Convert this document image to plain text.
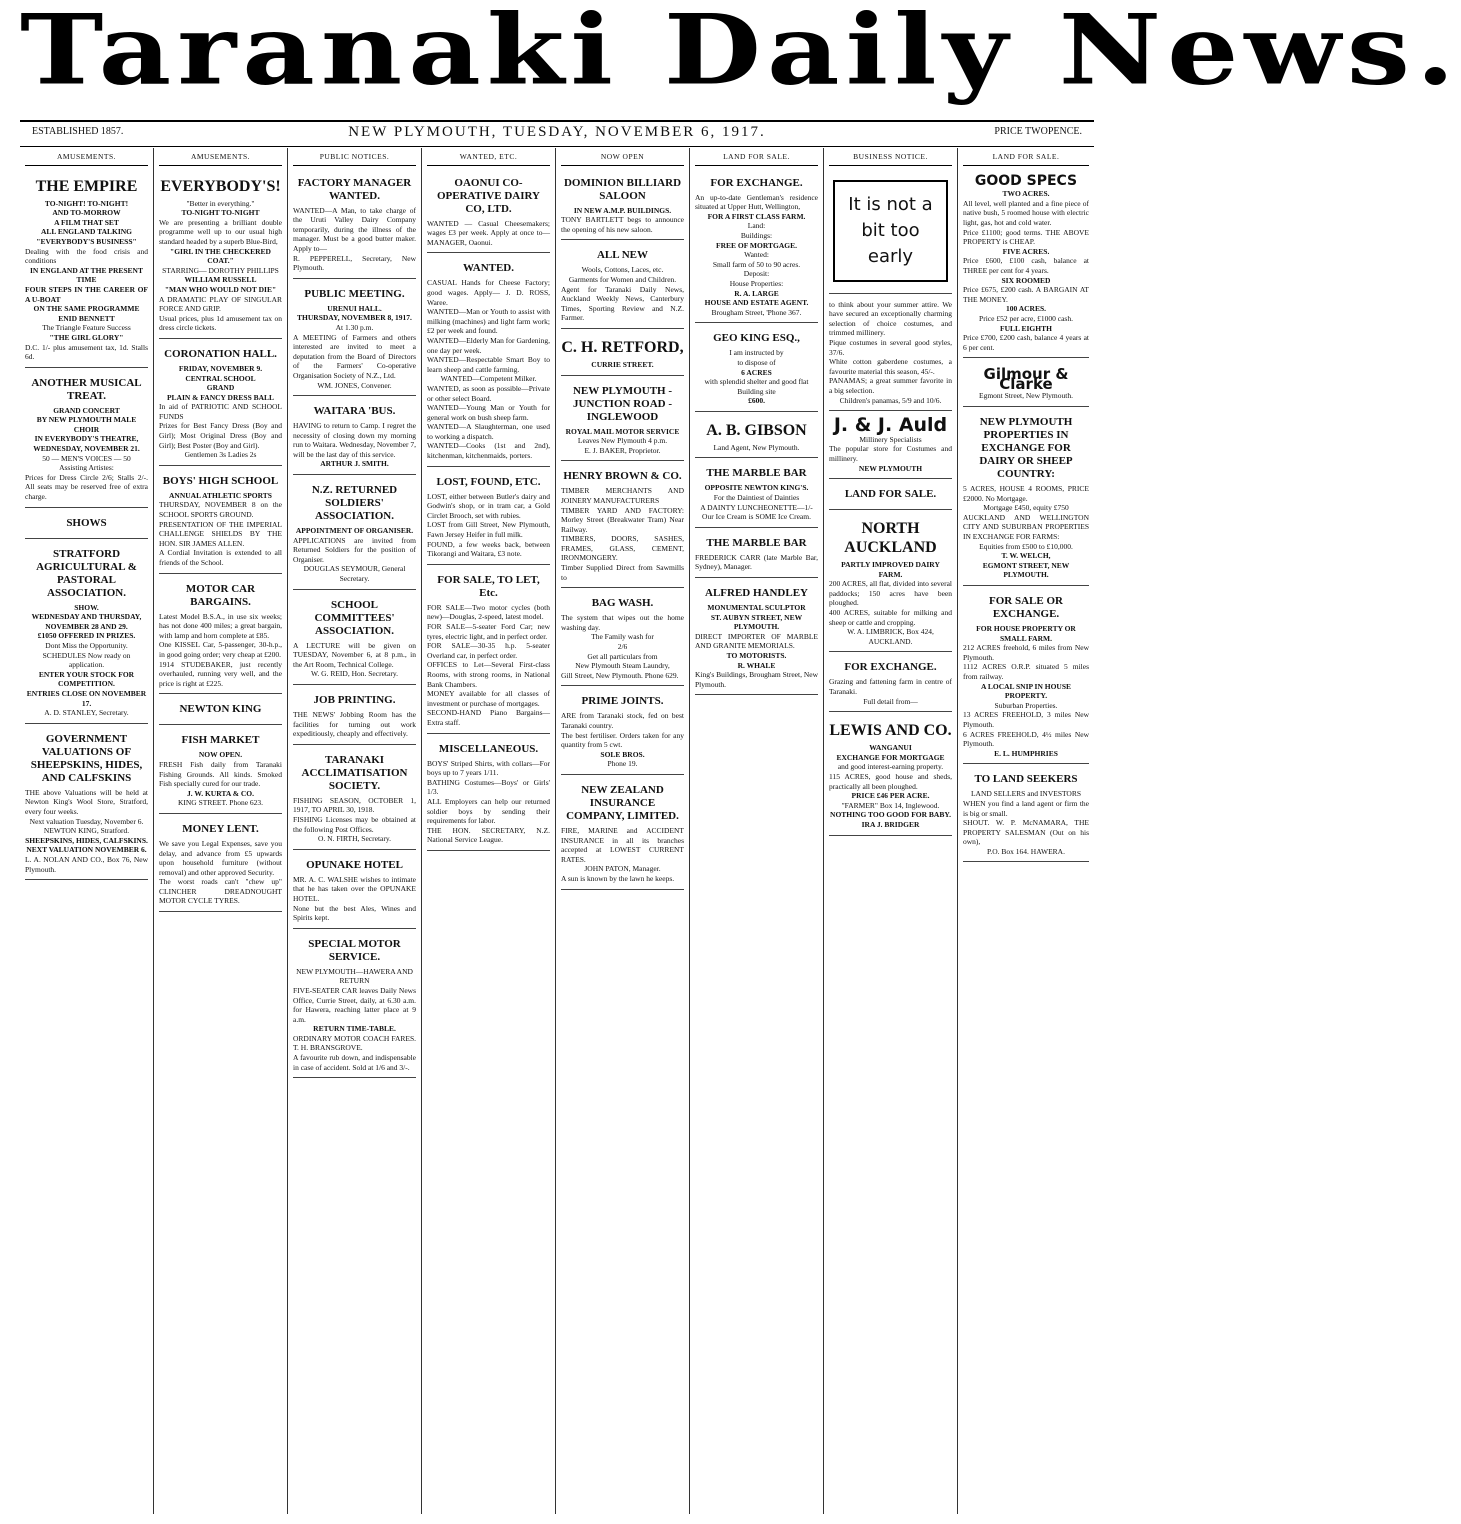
Taranaki Daily News.
ESTABLISHED 1857.	NEW PLYMOUTH, TUESDAY, NOVEMBER 6, 1917.	PRICE TWOPENCE.
AMUSEMENTS.
THE EMPIRE

TO-NIGHT! TO-NIGHT!

AND TO-MORROW

A FILM THAT SET

ALL ENGLAND TALKING

"EVERYBODY'S BUSINESS"

Dealing with the food crisis and conditions

IN ENGLAND AT THE PRESENT TIME

FOUR STEPS IN THE CAREER OF A U-BOAT

ON THE SAME PROGRAMME

ENID BENNETT

The Triangle Feature Success

"THE GIRL GLORY"

D.C. 1/- plus amusement tax, 1d. Stalls 6d.

ANOTHER MUSICAL TREAT.

GRAND CONCERT

BY NEW PLYMOUTH MALE CHOIR

IN EVERYBODY'S THEATRE,

WEDNESDAY, NOVEMBER 21.

50 — MEN'S VOICES — 50

Assisting Artistes:

Prices for Dress Circle 2/6; Stalls 2/-. All seats may be reserved free of extra charge.

SHOWS
STRATFORD AGRICULTURAL & PASTORAL ASSOCIATION.

SHOW.

WEDNESDAY AND THURSDAY,

NOVEMBER 28 AND 29.

£1050 OFFERED IN PRIZES.

Dont Miss the Opportunity.

SCHEDULES Now ready on application.

ENTER YOUR STOCK FOR COMPETITION.

ENTRIES CLOSE ON NOVEMBER 17.

A. D. STANLEY, Secretary.

GOVERNMENT VALUATIONS OF SHEEPSKINS, HIDES, AND CALFSKINS

THE above Valuations will be held at Newton King's Wool Store, Stratford, every four weeks.

Next valuation Tuesday, November 6.

NEWTON KING, Stratford.

SHEEPSKINS, HIDES, CALFSKINS.

NEXT VALUATION NOVEMBER 6.

L. A. NOLAN AND CO., Box 76, New Plymouth.

AMUSEMENTS.
EVERYBODY'S!

"Better in everything."

TO-NIGHT TO-NIGHT

We are presenting a brilliant double programme well up to our usual high standard headed by a superb Blue-Bird,

"GIRL IN THE CHECKERED COAT."

STARRING— DOROTHY PHILLIPS

WILLIAM RUSSELL

"MAN WHO WOULD NOT DIE"

A DRAMATIC PLAY OF SINGULAR FORCE AND GRIP.

Usual prices, plus 1d amusement tax on dress circle tickets.

CORONATION HALL.

FRIDAY, NOVEMBER 9.

CENTRAL SCHOOL

GRAND

PLAIN & FANCY DRESS BALL

In aid of PATRIOTIC AND SCHOOL FUNDS

Prizes for Best Fancy Dress (Boy and Girl); Most Original Dress (Boy and Girl); Best Poster (Boy and Girl).

Gentlemen 3s Ladies 2s

BOYS' HIGH SCHOOL

ANNUAL ATHLETIC SPORTS

THURSDAY, NOVEMBER 8 on the SCHOOL SPORTS GROUND.

PRESENTATION OF THE IMPERIAL CHALLENGE SHIELDS BY THE HON. SIR JAMES ALLEN.

A Cordial Invitation is extended to all friends of the School.

MOTOR CAR BARGAINS.

Latest Model B.S.A., in use six weeks; has not done 400 miles; a great bargain, with lamp and horn complete at £85.

One KISSEL Car, 5-passenger, 30-h.p., in good going order; very cheap at £200.

1914 STUDEBAKER, just recently overhauled, running very well, and the price is right at £225.

NEWTON KING
FISH MARKET

NOW OPEN.

FRESH Fish daily from Taranaki Fishing Grounds. All kinds. Smoked Fish specially cured for our trade.

J. W. KURTA & CO.

KING STREET. Phone 623.

MONEY LENT.

We save you Legal Expenses, save you delay, and advance from £5 upwards upon household furniture (without removal) and other approved Security.

The worst roads can't "chew up" CLINCHER DREADNOUGHT MOTOR CYCLE TYRES.

PUBLIC NOTICES.
FACTORY MANAGER WANTED.

WANTED—A Man, to take charge of the Uruti Valley Dairy Company temporarily, during the illness of the manager. Must be a good butter maker. Apply to—

R. PEPPERELL, Secretary, New Plymouth.

PUBLIC MEETING.

URENUI HALL.

THURSDAY, NOVEMBER 8, 1917.

At 1.30 p.m.

A MEETING of Farmers and others interested are invited to meet a deputation from the Board of Directors of the Farmers' Co-operative Organisation Society of N.Z., Ltd.

WM. JONES, Convener.

WAITARA 'BUS.

HAVING to return to Camp. I regret the necessity of closing down my morning run to Waitara. Wednesday, November 7, will be the last day of this service.

ARTHUR J. SMITH.

N.Z. RETURNED SOLDIERS' ASSOCIATION.

APPOINTMENT OF ORGANISER.

APPLICATIONS are invited from Returned Soldiers for the position of Organiser.

DOUGLAS SEYMOUR, General Secretary.

SCHOOL COMMITTEES' ASSOCIATION.

A LECTURE will be given on TUESDAY, November 6, at 8 p.m., in the Art Room, Technical College.

W. G. REID, Hon. Secretary.

JOB PRINTING.

THE NEWS' Jobbing Room has the facilities for turning out work expeditiously, cheaply and effectively.

TARANAKI ACCLIMATISATION SOCIETY.

FISHING SEASON, OCTOBER 1, 1917, TO APRIL 30, 1918.

FISHING Licenses may be obtained at the following Post Offices.

O. N. FIRTH, Secretary.

OPUNAKE HOTEL

MR. A. C. WALSHE wishes to intimate that he has taken over the OPUNAKE HOTEL.

None but the best Ales, Wines and Spirits kept.

SPECIAL MOTOR SERVICE.

NEW PLYMOUTH—HAWERA AND RETURN

FIVE-SEATER CAR leaves Daily News Office, Currie Street, daily, at 6.30 a.m. for Hawera, reaching latter place at 9 a.m.

RETURN TIME-TABLE.

ORDINARY MOTOR COACH FARES. T. H. BRANSGROVE.

A favourite rub down, and indispensable in case of accident. Sold at 1/6 and 3/-.

WANTED, ETC.
OAONUI CO-OPERATIVE DAIRY CO, LTD.

WANTED — Casual Cheesemakers; wages £3 per week. Apply at once to— MANAGER, Oaonui.

WANTED.

CASUAL Hands for Cheese Factory; good wages. Apply— J. D. ROSS, Waree.

WANTED—Man or Youth to assist with milking (machines) and light farm work; £2 per week and found.

WANTED—Elderly Man for Gardening, one day per week.

WANTED—Respectable Smart Boy to learn sheep and cattle farming.

WANTED—Competent Milker.

WANTED, as soon as possible—Private or other select Board.

WANTED—Young Man or Youth for general work on bush sheep farm.

WANTED—A Slaughterman, one used to working a dispatch.

WANTED—Cooks (1st and 2nd), kitchenman, kitchenmaids, porters.

LOST, FOUND, ETC.

LOST, either between Butler's dairy and Godwin's shop, or in tram car, a Gold Circlet Brooch, set with rubies.

LOST from Gill Street, New Plymouth, Fawn Jersey Heifer in full milk.

FOUND, a few weeks back, between Tikorangi and Waitara, £3 note.

FOR SALE, TO LET, Etc.

FOR SALE—Two motor cycles (both new)—Douglas, 2-speed, latest model.

FOR SALE—5-seater Ford Car; new tyres, electric light, and in perfect order.

FOR SALE—30-35 h.p. 5-seater Overland car, in perfect order.

OFFICES to Let—Several First-class Rooms, with strong rooms, in National Bank Chambers.

MONEY available for all classes of investment or purchase of mortgages.

SECOND-HAND Piano Bargains—Extra staff.

MISCELLANEOUS.

BOYS' Striped Shirts, with collars—For boys up to 7 years 1/11.

BATHING Costumes—Boys' or Girls' 1/3.

ALL Employers can help our returned soldier boys by sending their requirements for labor.

THE HON. SECRETARY, N.Z. National Service League.

NOW OPEN
DOMINION BILLIARD SALOON

IN NEW A.M.P. BUILDINGS.

TONY BARTLETT begs to announce the opening of his new saloon.

ALL NEW

Wools, Cottons, Laces, etc.

Garments for Women and Children.

Agent for Taranaki Daily News, Auckland Weekly News, Canterbury Times, Sporting Review and N.Z. Farmer.

C. H. RETFORD,

CURRIE STREET.

NEW PLYMOUTH - JUNCTION ROAD - INGLEWOOD

ROYAL MAIL MOTOR SERVICE

Leaves New Plymouth 4 p.m.

E. J. BAKER, Proprietor.

HENRY BROWN & CO.

TIMBER MERCHANTS AND JOINERY MANUFACTURERS

TIMBER YARD AND FACTORY: Morley Street (Breakwater Tram) Near Railway.

TIMBERS, DOORS, SASHES, FRAMES, GLASS, CEMENT, IRONMONGERY.

Timber Supplied Direct from Sawmills to

BAG WASH.

The system that wipes out the home washing day.

The Family wash for

2/6

Get all particulars from

New Plymouth Steam Laundry,

Gill Street, New Plymouth. Phone 629.

PRIME JOINTS.

ARE from Taranaki stock, fed on best Taranaki country.

The best fertiliser. Orders taken for any quantity from 5 cwt.

SOLE BROS.

Phone 19.

NEW ZEALAND INSURANCE COMPANY, LIMITED.

FIRE, MARINE and ACCIDENT INSURANCE in all its branches accepted at LOWEST CURRENT RATES.

JOHN PATON, Manager.

A sun is known by the lawn he keeps.

LAND FOR SALE.
FOR EXCHANGE.

An up-to-date Gentleman's residence situated at Upper Hutt, Wellington,

FOR A FIRST CLASS FARM.

Land:

Buildings:

FREE OF MORTGAGE.

Wanted:

Small farm of 50 to 90 acres.

Deposit:

House Properties:

R. A. LARGE

HOUSE AND ESTATE AGENT.

Brougham Street, 'Phone 367.

GEO KING ESQ.,

I am instructed by

to dispose of

6 ACRES

with splendid shelter and good flat

Building site

£600.

A. B. GIBSON

Land Agent, New Plymouth.

THE MARBLE BAR

OPPOSITE NEWTON KING'S.

For the Daintiest of Dainties

A DAINTY LUNCHEONETTE—1/-

Our Ice Cream is SOME Ice Cream.

THE MARBLE BAR

FREDERICK CARR (late Marble Bar, Sydney), Manager.

ALFRED HANDLEY

MONUMENTAL SCULPTOR

ST. AUBYN STREET, NEW PLYMOUTH.

DIRECT IMPORTER OF MARBLE AND GRANITE MEMORIALS.

TO MOTORISTS.

R. WHALE

King's Buildings, Brougham Street, New Plymouth.

BUSINESS NOTICE.
It is not a
bit too early

to think about your summer attire. We have secured an exceptionally charming selection of choice costumes, and trimmed millinery.

Pique costumes in several good styles, 37/6.

White cotton gaberdene costumes, a favourite material this season, 45/-.

PANAMAS; a great summer favorite in a big selection.

Children's panamas, 5/9 and 10/6.

J. & J. Auld

Millinery Specialists

The popular store for Costumes and millinery.

NEW PLYMOUTH

LAND FOR SALE.
NORTH AUCKLAND

PARTLY IMPROVED DAIRY FARM.

200 ACRES, all flat, divided into several paddocks; 150 acres have been ploughed.

400 ACRES, suitable for milking and sheep or cattle and cropping.

W. A. LIMBRICK, Box 424, AUCKLAND.

FOR EXCHANGE.

Grazing and fattening farm in centre of Taranaki.

Full detail from—

LEWIS AND CO.

WANGANUI

EXCHANGE FOR MORTGAGE

and good interest-earning property.

115 ACRES, good house and sheds, practically all been ploughed.

PRICE £46 PER ACRE.

"FARMER" Box 14, Inglewood.

NOTHING TOO GOOD FOR BABY.

IRA J. BRIDGER

LAND FOR SALE.
GOOD SPECS

TWO ACRES.

All level, well planted and a fine piece of native bush, 5 roomed house with electric light, gas, hot and cold water.

Price £1100; good terms. THE ABOVE PROPERTY is CHEAP.

FIVE ACRES.

Price £600, £100 cash, balance at THREE per cent for 4 years.

SIX ROOMED

Price £675, £200 cash. A BARGAIN AT THE MONEY.

100 ACRES.

Price £52 per acre, £1000 cash.

FULL EIGHTH

Price £700, £200 cash, balance 4 years at 6 per cent.

Gilmour & Clarke

Egmont Street, New Plymouth.

NEW PLYMOUTH PROPERTIES IN EXCHANGE FOR DAIRY OR SHEEP COUNTRY:

5 ACRES, HOUSE 4 ROOMS, PRICE £2000. No Mortgage.

Mortgage £450, equity £750

AUCKLAND AND WELLINGTON CITY AND SUBURBAN PROPERTIES IN EXCHANGE FOR FARMS:

Equities from £500 to £10,000.

T. W. WELCH,

EGMONT STREET, NEW PLYMOUTH.

FOR SALE OR EXCHANGE.

FOR HOUSE PROPERTY OR SMALL FARM.

212 ACRES freehold, 6 miles from New Plymouth.

1112 ACRES O.R.P. situated 5 miles from railway.

A LOCAL SNIP IN HOUSE PROPERTY.

Suburban Properties.

13 ACRES FREEHOLD, 3 miles New Plymouth.

6 ACRES FREEHOLD, 4½ miles New Plymouth.

E. L. HUMPHRIES

TO LAND SEEKERS

LAND SELLERS and INVESTORS

WHEN you find a land agent or firm the is big or small.

SHOUT. W. P. McNAMARA, THE PROPERTY SALESMAN (Out on his own),

P.O. Box 164. HAWERA.
